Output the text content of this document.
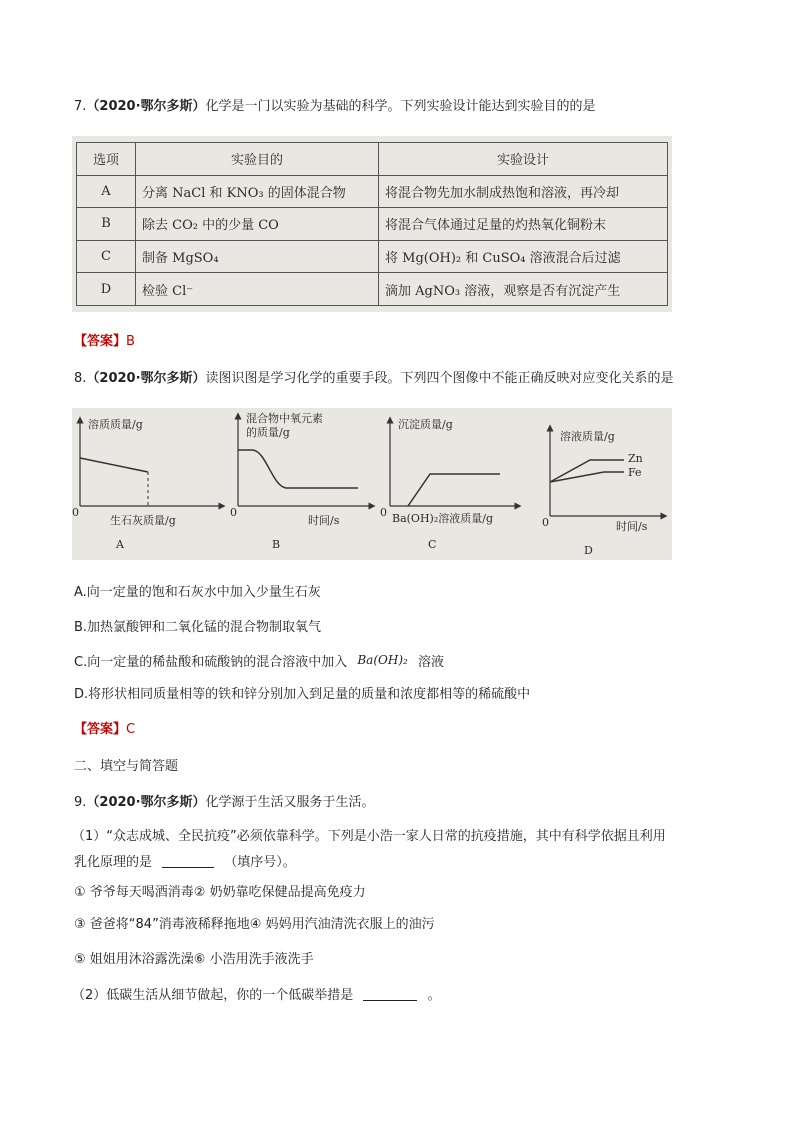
7.（2020·鄂尔多斯）化学是一门以实验为基础的科学。下列实验设计能达到实验目的的是
选项	实验目的	实验设计
A	分离 NaCl 和 KNO₃ 的固体混合物	将混合物先加水制成热饱和溶液，再冷却
B	除去 CO₂ 中的少量 CO	将混合气体通过足量的灼热氧化铜粉末
C	制备 MgSO₄	将 Mg(OH)₂ 和 CuSO₄ 溶液混合后过滤
D	检验 Cl⁻	滴加 AgNO₃ 溶液，观察是否有沉淀产生
【答案】B
8.（2020·鄂尔多斯）读图识图是学习化学的重要手段。下列四个图像中不能正确反映对应变化关系的是
溶质质量/g
生石灰质量/g
0
A
混合物中氧元素
的质量/g
时间/s
0
B
沉淀质量/g
Ba(OH)₂溶液质量/g
0
C
溶液质量/g
Zn
Fe
时间/s
0
D
A.向一定量的饱和石灰水中加入少量生石灰
B.加热氯酸钾和二氧化锰的混合物制取氧气
C.向一定量的稀盐酸和硫酸钠的混合溶液中加入 Ba(OH)₂ 溶液
D.将形状相同质量相等的铁和锌分别加入到足量的质量和浓度都相等的稀硫酸中
【答案】C
二、填空与简答题
9.（2020·鄂尔多斯）化学源于生活又服务于生活。
（1）“众志成城、全民抗疫”必须依靠科学。下列是小浩一家人日常的抗疫措施，其中有科学依据且利用
乳化原理的是	（填序号）。
① 爷爷每天喝酒消毒② 奶奶靠吃保健品提高免疫力
③ 爸爸将“84”消毒液稀释拖地④ 妈妈用汽油清洗衣服上的油污
⑤ 姐姐用沐浴露洗澡⑥ 小浩用洗手液洗手
（2）低碳生活从细节做起，你的一个低碳举措是	。
